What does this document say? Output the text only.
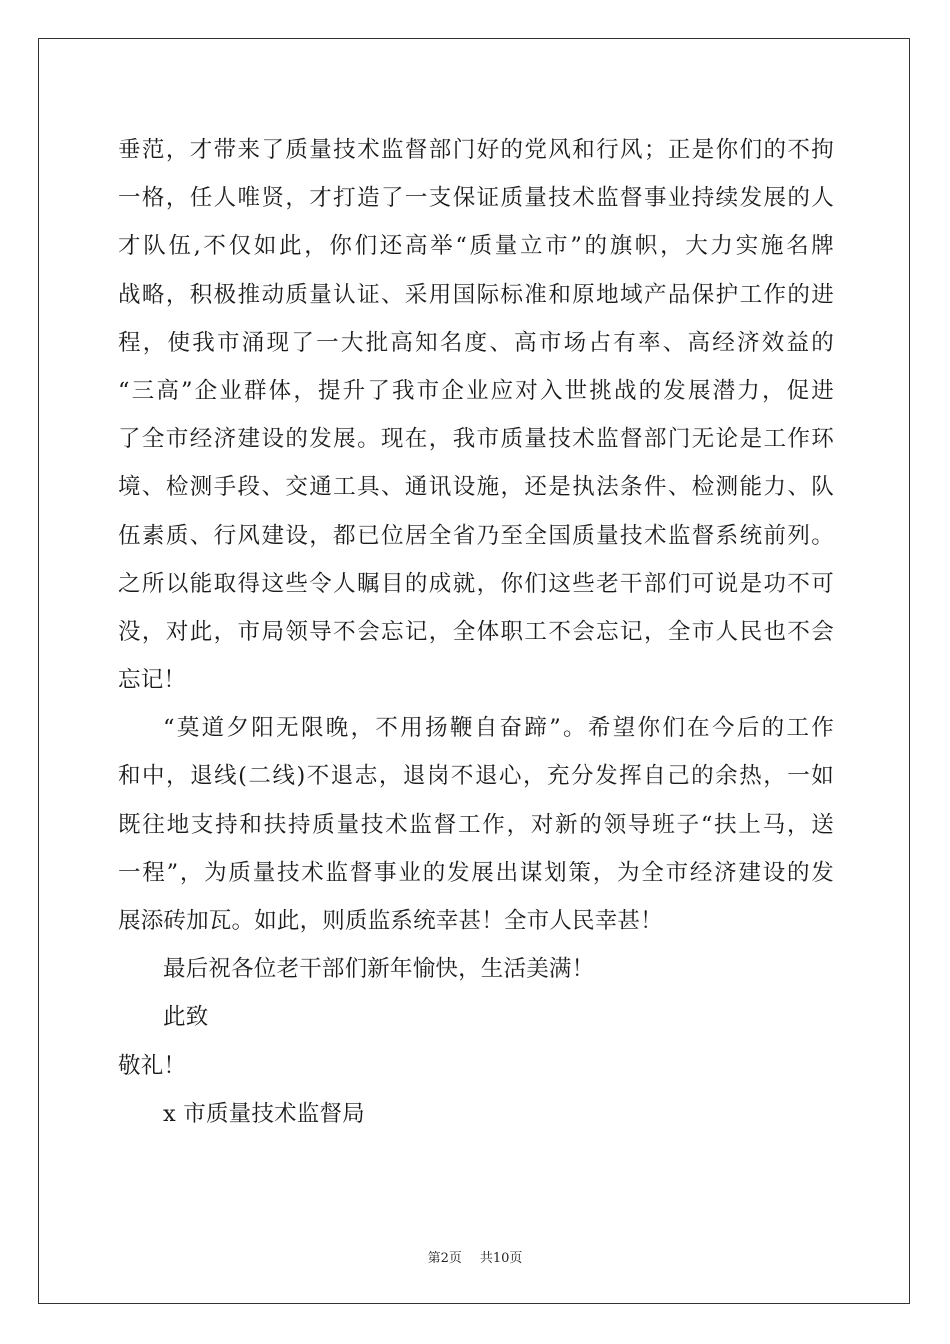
垂范，才带来了质量技术监督部门好的党风和行风；正是你们的不拘
一格，任人唯贤，才打造了一支保证质量技术监督事业持续发展的人
才队伍,不仅如此，你们还高举“质量立市”的旗帜，大力实施名牌
战略，积极推动质量认证、采用国际标准和原地域产品保护工作的进
程，使我市涌现了一大批高知名度、高市场占有率、高经济效益的
“三高”企业群体，提升了我市企业应对入世挑战的发展潜力，促进
了全市经济建设的发展。现在，我市质量技术监督部门无论是工作环
境、检测手段、交通工具、通讯设施，还是执法条件、检测能力、队
伍素质、行风建设，都已位居全省乃至全国质量技术监督系统前列。
之所以能取得这些令人瞩目的成就，你们这些老干部们可说是功不可
没，对此，市局领导不会忘记，全体职工不会忘记，全市人民也不会
忘记！
“莫道夕阳无限晚，不用扬鞭自奋蹄”。希望你们在今后的工作
和中，退线(二线)不退志，退岗不退心，充分发挥自己的余热，一如
既往地支持和扶持质量技术监督工作，对新的领导班子“扶上马，送
一程”，为质量技术监督事业的发展出谋划策，为全市经济建设的发
展添砖加瓦。如此，则质监系统幸甚！全市人民幸甚！
最后祝各位老干部们新年愉快，生活美满！
此致
敬礼！
x 市质量技术监督局
第2页 共10页
